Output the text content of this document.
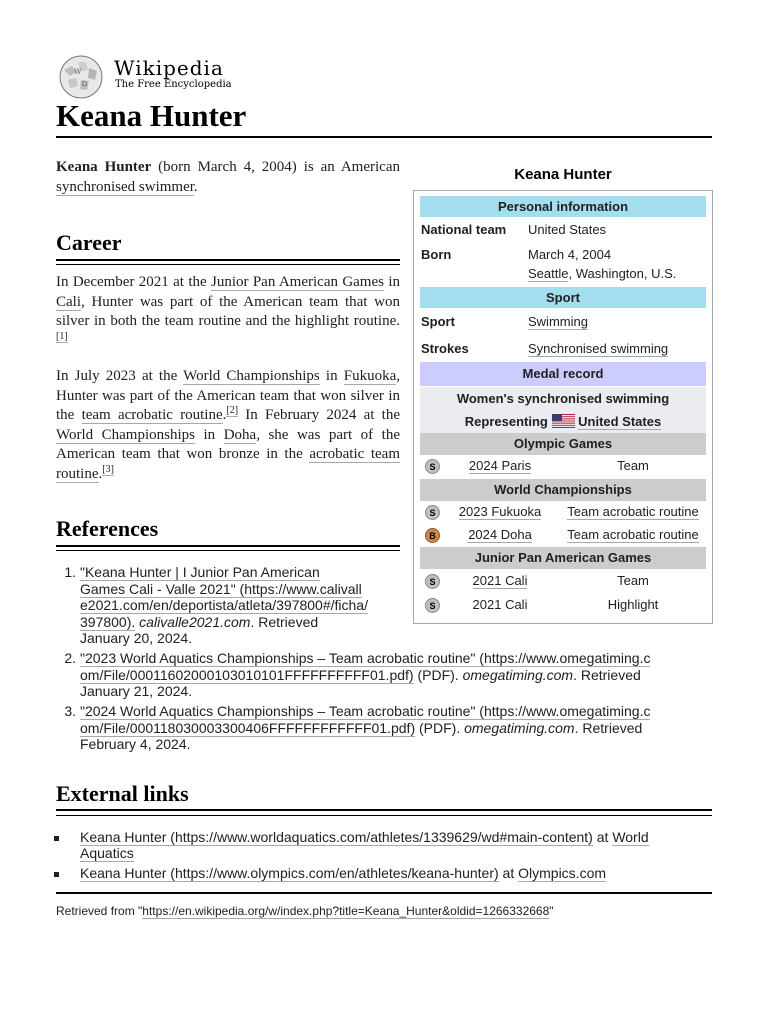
W
Ω
Wikipedia
The Free Encyclopedia
Keana Hunter

Keana Hunter (born March 4, 2004) is an American synchronised swimmer.

Career

In December 2021 at the Junior Pan American Games in Cali, Hunter was part of the American team that won silver in both the team routine and the highlight routine.[1]

In July 2023 at the World Championships in Fukuoka, Hunter was part of the American team that won silver in the team acrobatic routine.[2] In February 2024 at the World Championships in Doha, she was part of the American team that won bronze in the acrobatic team routine.[3]

Keana Hunter
Personal information
National team United States
Born	March 4, 2004
Seattle, Washington, U.S.
Sport
Sport	Swimming
Strokes	Synchronised swimming
Medal record
Women's synchronised swimming
Representing United States
Olympic Games
S	2024 Paris	Team
World Championships
S	2023 Fukuoka	Team acrobatic routine
B	2024 Doha	Team acrobatic routine
Junior Pan American Games
S	2021 Cali	Team
S	2021 Cali	Highlight
References
1. "Keana Hunter | I Junior Pan American
Games Cali - Valle 2021" (https://www.calivall
e2021.com/en/deportista/atleta/397800#/ficha/
397800). calivalle2021.com. Retrieved
January 20, 2024.
2. "2023 World Aquatics Championships – Team acrobatic routine" (https://www.omegatiming.c
om/File/00011602000103010101FFFFFFFFFF01.pdf) (PDF). omegatiming.com. Retrieved
January 21, 2024.
3. "2024 World Aquatics Championships – Team acrobatic routine" (https://www.omegatiming.c
om/File/000118030003300406FFFFFFFFFFFF01.pdf) (PDF). omegatiming.com. Retrieved
February 4, 2024.
External links
Keana Hunter (https://www.worldaquatics.com/athletes/1339629/wd#main-content) at World
Aquatics
Keana Hunter (https://www.olympics.com/en/athletes/keana-hunter) at Olympics.com
Retrieved from "https://en.wikipedia.org/w/index.php?title=Keana_Hunter&oldid=1266332668"
